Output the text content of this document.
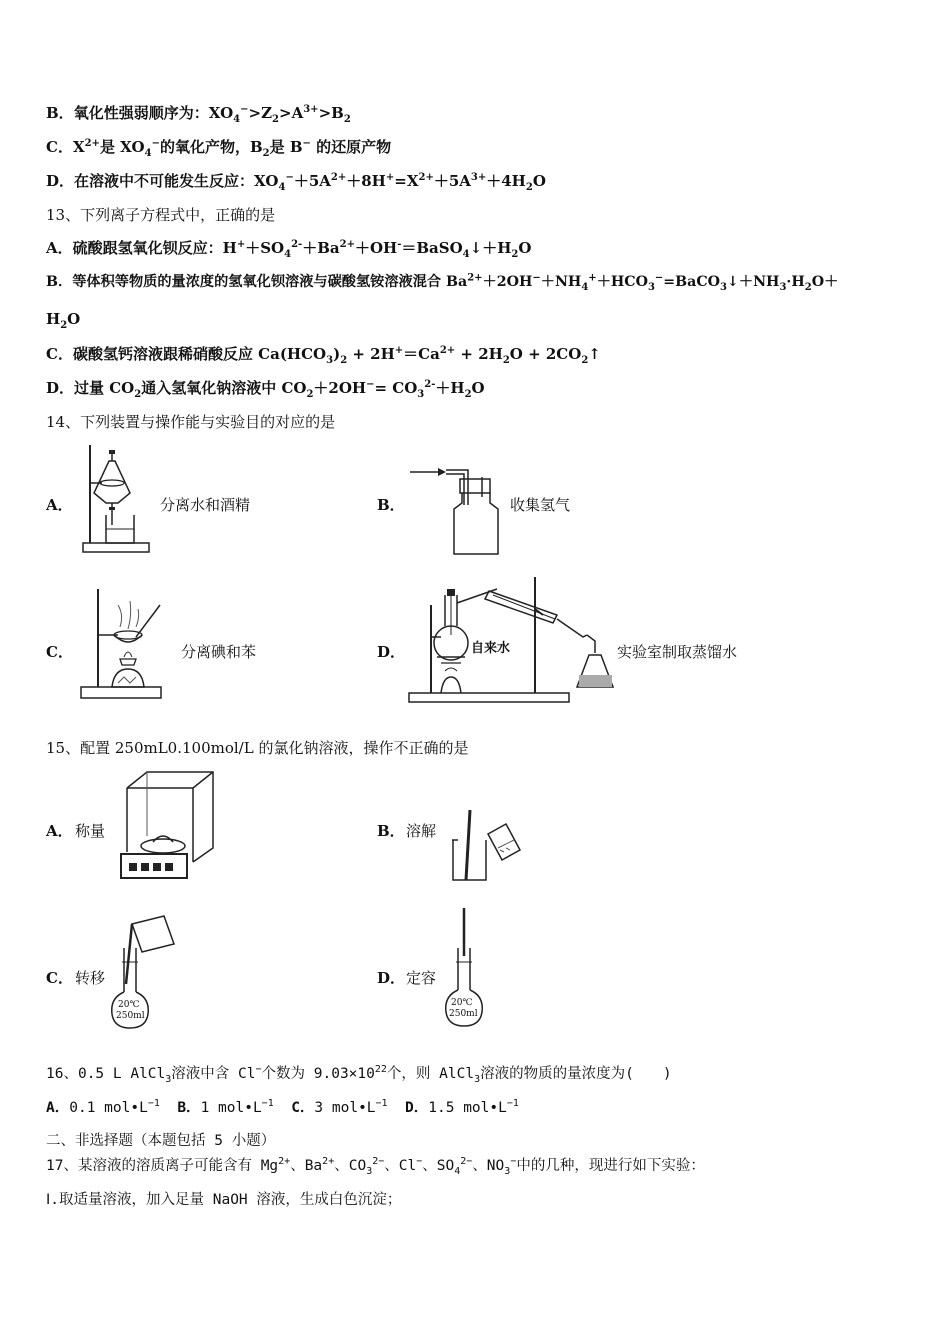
B．氧化性强弱顺序为：$XO_4^->Z_2>A^{3+}>B_2$
C．$X^{2+}$是 $XO_4^-$的氧化产物，$B_2$是 B− 的还原产物
D．在溶液中不可能发生反应：$XO_4^-+5A^{2+}+8H^+=X^{2+}+5A^{3+}+4H_2O$
13、下列离子方程式中，正确的是
A．硫酸跟氢氧化钡反应：$H^++SO_4^{2-}+Ba^{2+}+OH^-=BaSO_4↓+H_2O$
B．等体积等物质的量浓度的氢氧化钡溶液与碳酸氢铵溶液混合 $Ba^{2+}+2OH^-+NH_4^++HCO_3^-=BaCO_3↓+NH_3\cdot H_2O+$
$H_2O$
C．碳酸氢钙溶液跟稀硝酸反应 $Ca(HCO_3)_2 + 2H^+=Ca^{2+} + 2H_2O$ + $2CO_2↑$
D．过量 $CO_2$通入氢氧化钠溶液中 $CO_2+2OH^-= CO_3^{2-}+H_2O$
14、下列装置与操作能与实验目的对应的是
A．	分离水和酒精	B．	收集氢气
C．	分离碘和苯	D．	自来水	实验室制取蒸馏水
15、配置 250mL0.100mol/L 的氯化钠溶液，操作不正确的是
A． 称量	B． 溶解
C．
20℃
250ml
转移	D．
20℃
250ml
定容
16、0.5 L AlCl$_3$溶液中含 Cl−个数为 $9.03\times 10^{22}$个，则 AlCl$_3$溶液的物质的量浓度为(　　)
A．0.1 $mol•L^{-1}$ B．1 $mol•L^{-1}$ C．3 $mol•L^{-1}$ D．1.5 $mol•L^{-1}$
二、非选择题（本题包括 5 小题）
17、某溶液的溶质离子可能含有 $Mg^{2+}$、$Ba^{2+}$、$CO_3^{2-}$、Cl−、$SO_4^{2-}$、$NO_3^-$中的几种，现进行如下实验：
Ⅰ.取适量溶液，加入足量 NaOH 溶液，生成白色沉淀；
